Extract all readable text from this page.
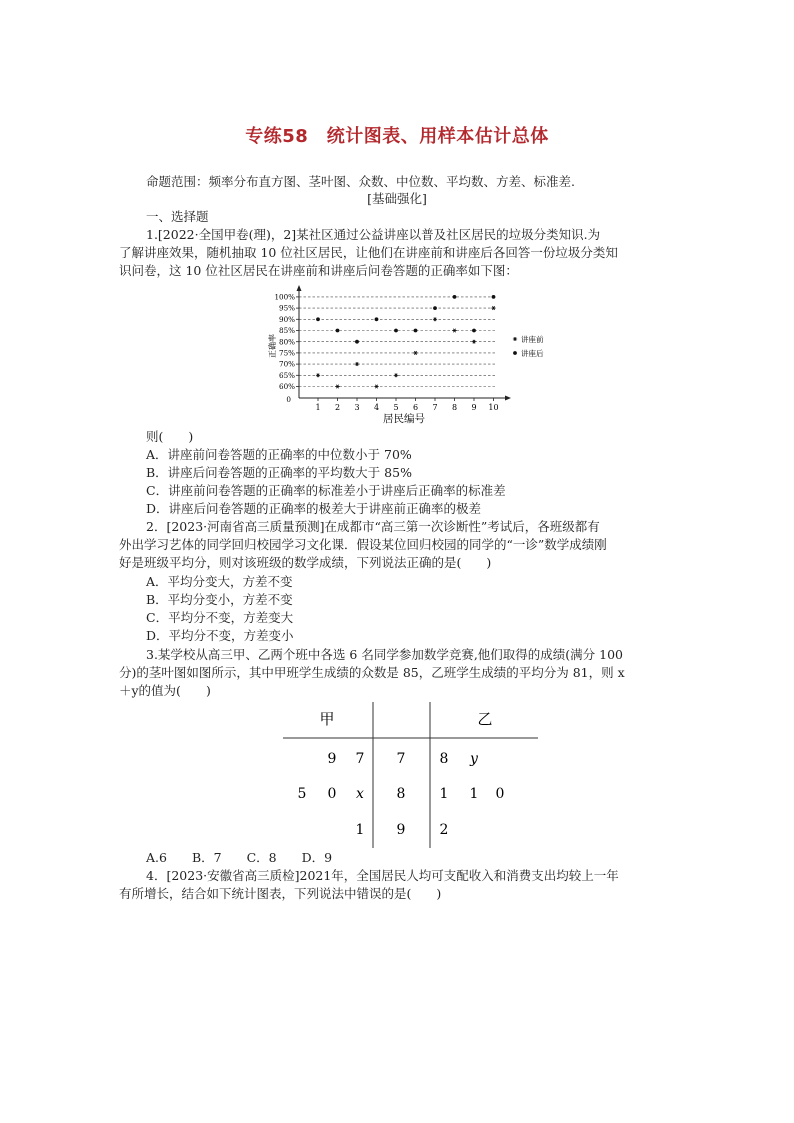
专练58　统计图表、用样本估计总体
命题范围：频率分布直方图、茎叶图、众数、中位数、平均数、方差、标准差.
[基础强化]
一、选择题
1.[2022·全国甲卷(理)，2]某社区通过公益讲座以普及社区居民的垃圾分类知识.为
了解讲座效果，随机抽取 10 位社区居民，让他们在讲座前和讲座后各回答一份垃圾分类知
识问卷，这 10 位社区居民在讲座前和讲座后问卷答题的正确率如下图：
0
60%
65%
70%
75%
80%
85%
90%
95%
100%
1 2 3 4 5 6 7 8 9 10
正确率
居民编号
讲座前
讲座后
则(　　)
A．讲座前问卷答题的正确率的中位数小于 70%
B．讲座后问卷答题的正确率的平均数大于 85%
C．讲座前问卷答题的正确率的标准差小于讲座后正确率的标准差
D．讲座后问卷答题的正确率的极差大于讲座前正确率的极差
2．[2023·河南省高三质量预测]在成都市“高三第一次诊断性”考试后，各班级都有
外出学习艺体的同学回归校园学习文化课．假设某位回归校园的同学的“一诊”数学成绩刚
好是班级平均分，则对该班级的数学成绩，下列说法正确的是(　　)
A．平均分变大，方差不变
B．平均分变小，方差不变
C．平均分不变，方差变大
D．平均分不变，方差变小
3.某学校从高三甲、乙两个班中各选 6 名同学参加数学竞赛,他们取得的成绩(满分 100
分)的茎叶图如图所示，其中甲班学生成绩的众数是 85，乙班学生成绩的平均分为 81，则 x
＋y的值为(　　)
甲	乙
9 7 7 8 y
5 0 x 8 1 1 0
1 9 2
A.6　　B．7　　C．8　　D．9
4．[2023·安徽省高三质检]2021年，全国居民人均可支配收入和消费支出均较上一年
有所增长，结合如下统计图表，下列说法中错误的是(　　)
